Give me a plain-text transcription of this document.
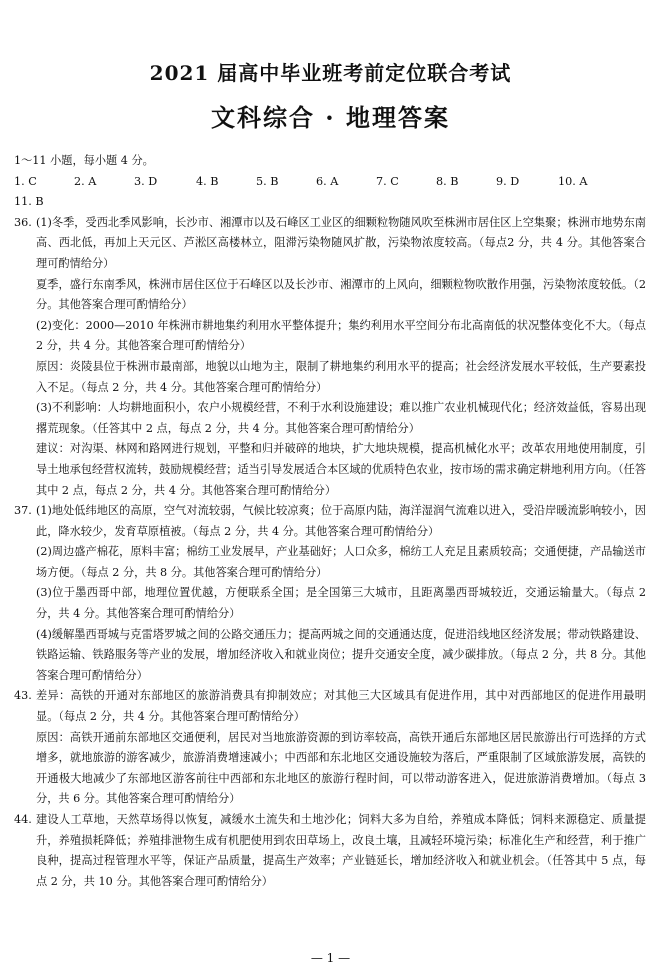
2021 届高中毕业班考前定位联合考试
文科综合 · 地理答案
1～11 小题，每小题 4 分。
1. C	2. A	3. D	4. B	5. B	6. A	7. C	8. B	9. D	10. A
11. B
36. (1)冬季，受西北季风影响，长沙市、湘潭市以及石峰区工业区的细颗粒物随风吹至株洲市居住区上空集聚；株洲市地势东南高、西北低，再加上天元区、芦淞区高楼林立，阻滞污染物随风扩散，污染物浓度较高。（每点2 分，共 4 分。其他答案合理可酌情给分）

夏季，盛行东南季风，株洲市居住区位于石峰区以及长沙市、湘潭市的上风向，细颗粒物吹散作用强，污染物浓度较低。（2 分。其他答案合理可酌情给分）

(2)变化：2000—2010 年株洲市耕地集约利用水平整体提升；集约利用水平空间分布北高南低的状况整体变化不大。（每点 2 分，共 4 分。其他答案合理可酌情给分）

原因：炎陵县位于株洲市最南部，地貌以山地为主，限制了耕地集约利用水平的提高；社会经济发展水平较低，生产要素投入不足。（每点 2 分，共 4 分。其他答案合理可酌情给分）

(3)不利影响：人均耕地面积小，农户小规模经营，不利于水利设施建设；难以推广农业机械现代化；经济效益低，容易出现撂荒现象。（任答其中 2 点，每点 2 分，共 4 分。其他答案合理可酌情给分）

建议：对沟渠、林网和路网进行规划，平整和归并破碎的地块，扩大地块规模，提高机械化水平；改革农用地使用制度，引导土地承包经营权流转，鼓励规模经营；适当引导发展适合本区域的优质特色农业，按市场的需求确定耕地利用方向。（任答其中 2 点，每点 2 分，共 4 分。其他答案合理可酌情给分）

37. (1)地处低纬地区的高原，空气对流较弱，气候比较凉爽；位于高原内陆，海洋湿润气流难以进入，受沿岸暖流影响较小，因此，降水较少，发育草原植被。（每点 2 分，共 4 分。其他答案合理可酌情给分）

(2)周边盛产棉花，原料丰富；棉纺工业发展早，产业基础好；人口众多，棉纺工人充足且素质较高；交通便捷，产品输送市场方便。（每点 2 分，共 8 分。其他答案合理可酌情给分）

(3)位于墨西哥中部，地理位置优越，方便联系全国；是全国第三大城市，且距离墨西哥城较近，交通运输量大。（每点 2 分，共 4 分。其他答案合理可酌情给分）

(4)缓解墨西哥城与克雷塔罗城之间的公路交通压力；提高两城之间的交通通达度，促进沿线地区经济发展；带动铁路建设、铁路运输、铁路服务等产业的发展，增加经济收入和就业岗位；提升交通安全度，减少碳排放。（每点 2 分，共 8 分。其他答案合理可酌情给分）

43. 差异：高铁的开通对东部地区的旅游消费具有抑制效应；对其他三大区域具有促进作用，其中对西部地区的促进作用最明显。（每点 2 分，共 4 分。其他答案合理可酌情给分）

原因：高铁开通前东部地区交通便利，居民对当地旅游资源的到访率较高，高铁开通后东部地区居民旅游出行可选择的方式增多，就地旅游的游客减少，旅游消费增速减小；中西部和东北地区交通设施较为落后，严重限制了区域旅游发展，高铁的开通极大地减少了东部地区游客前往中西部和东北地区的旅游行程时间，可以带动游客进入，促进旅游消费增加。（每点 3 分，共 6 分。其他答案合理可酌情给分）

44. 建设人工草地，天然草场得以恢复，减缓水土流失和土地沙化；饲料大多为自给，养殖成本降低；饲料来源稳定、质量提升，养殖损耗降低；养殖排泄物生成有机肥使用到农田草场上，改良土壤，且减轻环境污染；标准化生产和经营，利于推广良种，提高过程管理水平等，保证产品质量，提高生产效率；产业链延长，增加经济收入和就业机会。（任答其中 5 点，每点 2 分，共 10 分。其他答案合理可酌情给分）

— 1 —
